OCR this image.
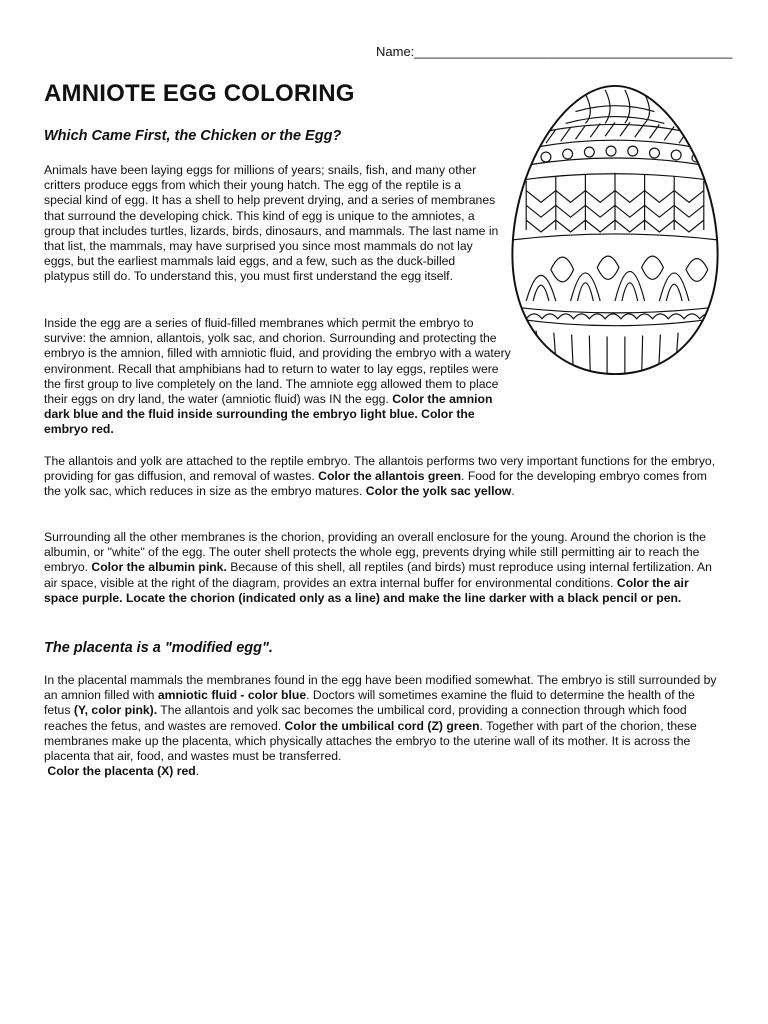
Name:____________________________________________
AMNIOTE EGG COLORING
Which Came First, the Chicken or the Egg?

Animals have been laying eggs for millions of years; snails, fish, and many other critters produce eggs from which their young hatch. The egg of the reptile is a special kind of egg. It has a shell to help prevent drying, and a series of membranes that surround the developing chick. This kind of egg is unique to the amniotes, a group that includes turtles, lizards, birds, dinosaurs, and mammals. The last name in that list, the mammals, may have surprised you since most mammals do not lay eggs, but the earliest mammals laid eggs, and a few, such as the duck-billed platypus still do. To understand this, you must first understand the egg itself.

Inside the egg are a series of fluid-filled membranes which permit the embryo to survive: the amnion, allantois, yolk sac, and chorion. Surrounding and protecting the embryo is the amnion, filled with amniotic fluid, and providing the embryo with a watery environment. Recall that amphibians had to return to water to lay eggs, reptiles were the first group to live completely on the land. The amniote egg allowed them to place their eggs on dry land, the water (amniotic fluid) was IN the egg. Color the amnion dark blue and the fluid inside surrounding the embryo light blue. Color the embryo red.

The allantois and yolk are attached to the reptile embryo. The allantois performs two very important functions for the embryo, providing for gas diffusion, and removal of wastes. Color the allantois green. Food for the developing embryo comes from the yolk sac, which reduces in size as the embryo matures. Color the yolk sac yellow.

Surrounding all the other membranes is the chorion, providing an overall enclosure for the young. Around the chorion is the albumin, or "white" of the egg. The outer shell protects the whole egg, prevents drying while still permitting air to reach the embryo. Color the albumin pink. Because of this shell, all reptiles (and birds) must reproduce using internal fertilization. An air space, visible at the right of the diagram, provides an extra internal buffer for environmental conditions. Color the air space purple. Locate the chorion (indicated only as a line) and make the line darker with a black pencil or pen.

The placenta is a "modified egg".

In the placental mammals the membranes found in the egg have been modified somewhat. The embryo is still surrounded by an amnion filled with amniotic fluid - color blue. Doctors will sometimes examine the fluid to determine the health of the fetus (Y, color pink). The allantois and yolk sac becomes the umbilical cord, providing a connection through which food reaches the fetus, and wastes are removed. Color the umbilical cord (Z) green. Together with part of the chorion, these membranes make up the placenta, which physically attaches the embryo to the uterine wall of its mother. It is across the placenta that air, food, and wastes must be transferred.
Color the placenta (X) red.
